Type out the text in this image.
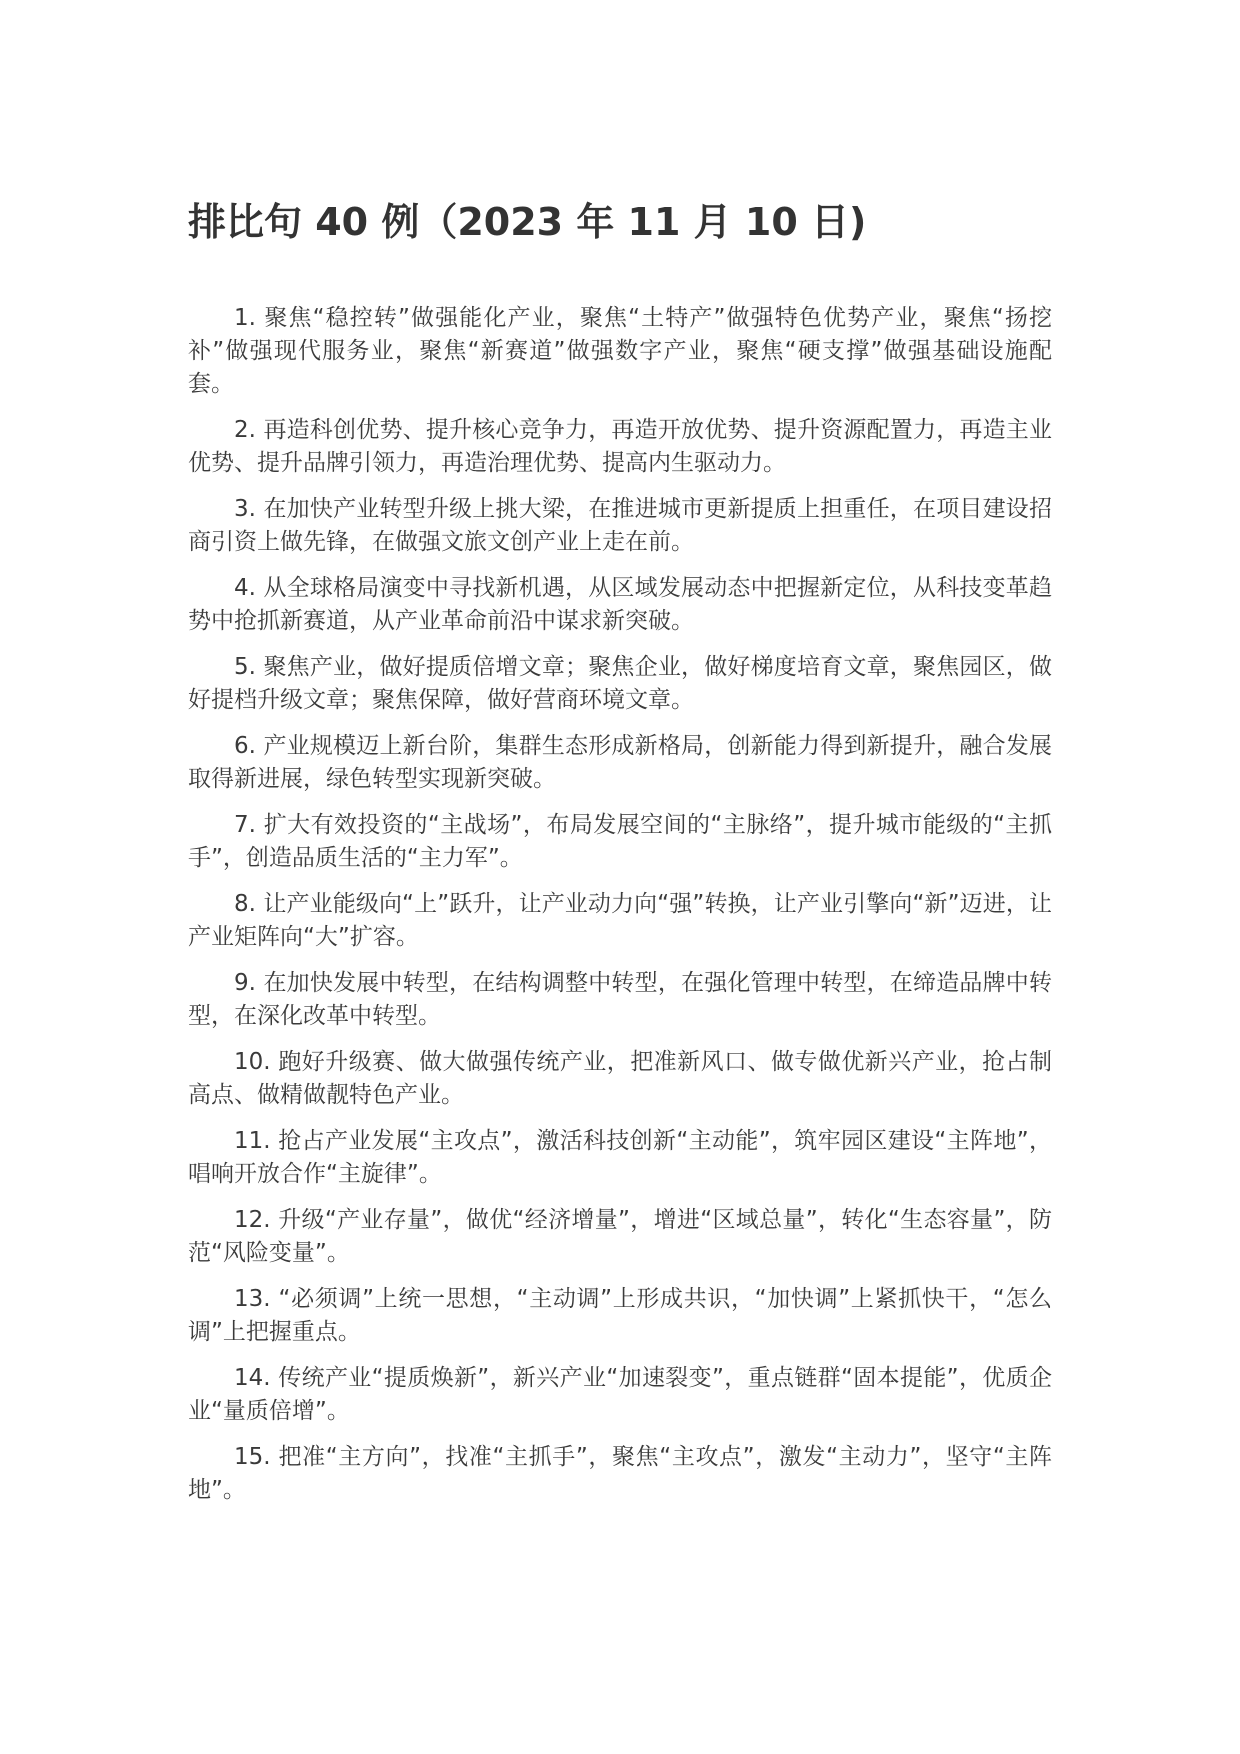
排比句 40 例（2023 年 11 月 10 日)

1. 聚焦“稳控转”做强能化产业，聚焦“土特产”做强特色优势产业，聚焦“扬挖补”做强现代服务业，聚焦“新赛道”做强数字产业，聚焦“硬支撑”做强基础设施配套。

2. 再造科创优势、提升核心竞争力，再造开放优势、提升资源配置力，再造主业优势、提升品牌引领力，再造治理优势、提高内生驱动力。

3. 在加快产业转型升级上挑大梁，在推进城市更新提质上担重任，在项目建设招商引资上做先锋，在做强文旅文创产业上走在前。

4. 从全球格局演变中寻找新机遇，从区域发展动态中把握新定位，从科技变革趋势中抢抓新赛道，从产业革命前沿中谋求新突破。

5. 聚焦产业，做好提质倍增文章；聚焦企业，做好梯度培育文章，聚焦园区，做好提档升级文章；聚焦保障，做好营商环境文章。

6. 产业规模迈上新台阶，集群生态形成新格局，创新能力得到新提升，融合发展取得新进展，绿色转型实现新突破。

7. 扩大有效投资的“主战场”，布局发展空间的“主脉络”，提升城市能级的“主抓手”，创造品质生活的“主力军”。

8. 让产业能级向“上”跃升，让产业动力向“强”转换，让产业引擎向“新”迈进，让产业矩阵向“大”扩容。

9. 在加快发展中转型，在结构调整中转型，在强化管理中转型，在缔造品牌中转型，在深化改革中转型。

10. 跑好升级赛、做大做强传统产业，把准新风口、做专做优新兴产业，抢占制高点、做精做靓特色产业。

11. 抢占产业发展“主攻点”，激活科技创新“主动能”，筑牢园区建设“主阵地”，唱响开放合作“主旋律”。

12. 升级“产业存量”，做优“经济增量”，增进“区域总量”，转化“生态容量”，防范“风险变量”。

13. “必须调”上统一思想，“主动调”上形成共识，“加快调”上紧抓快干，“怎么调”上把握重点。

14. 传统产业“提质焕新”，新兴产业“加速裂变”，重点链群“固本提能”，优质企业“量质倍增”。

15. 把准“主方向”，找准“主抓手”，聚焦“主攻点”，激发“主动力”，坚守“主阵地”。
